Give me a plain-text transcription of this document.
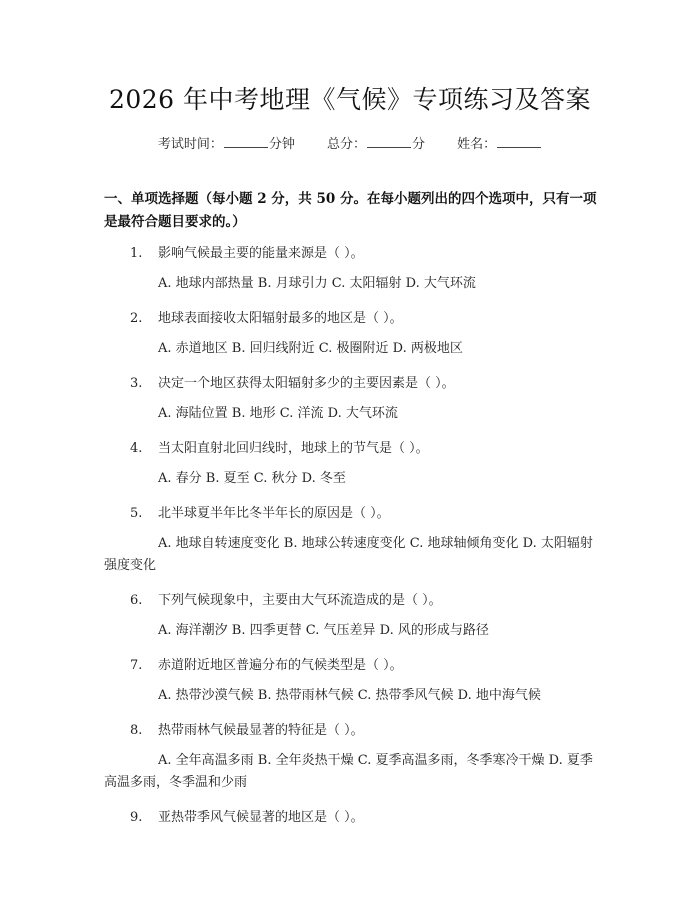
2026 年中考地理《气候》专项练习及答案
考试时间：	分钟 总分：	分 姓名：
一、单项选择题（每小题 2 分，共 50 分。在每小题列出的四个选项中，只有一项是最符合题目要求的。）
1. 影响气候最主要的能量来源是（ ）。
A. 地球内部热量 B. 月球引力 C. 太阳辐射 D. 大气环流
2. 地球表面接收太阳辐射最多的地区是（ ）。
A. 赤道地区 B. 回归线附近 C. 极圈附近 D. 两极地区
3. 决定一个地区获得太阳辐射多少的主要因素是（ ）。
A. 海陆位置 B. 地形 C. 洋流 D. 大气环流
4. 当太阳直射北回归线时，地球上的节气是（ ）。
A. 春分 B. 夏至 C. 秋分 D. 冬至
5. 北半球夏半年比冬半年长的原因是（ ）。
A. 地球自转速度变化 B. 地球公转速度变化 C. 地球轴倾角变化 D. 太阳辐射强度变化
6. 下列气候现象中，主要由大气环流造成的是（ ）。
A. 海洋潮汐 B. 四季更替 C. 气压差异 D. 风的形成与路径
7. 赤道附近地区普遍分布的气候类型是（ ）。
A. 热带沙漠气候 B. 热带雨林气候 C. 热带季风气候 D. 地中海气候
8. 热带雨林气候最显著的特征是（ ）。
A. 全年高温多雨 B. 全年炎热干燥 C. 夏季高温多雨，冬季寒冷干燥 D. 夏季高温多雨，冬季温和少雨
9. 亚热带季风气候显著的地区是（ ）。
